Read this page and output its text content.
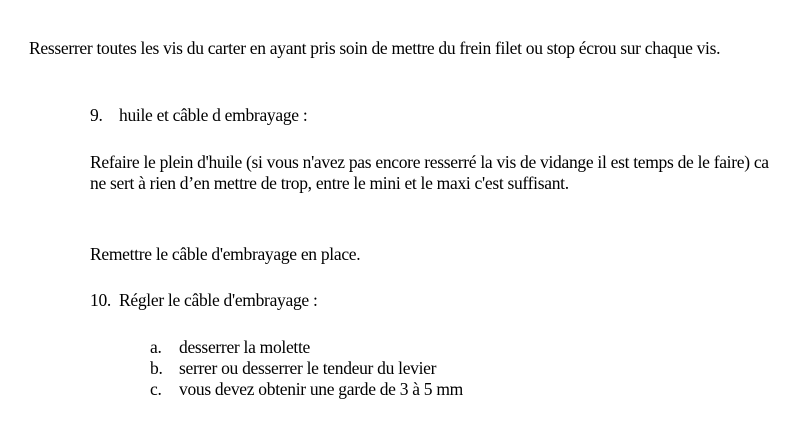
Resserrer toutes les vis du carter en ayant pris soin de mettre du frein filet ou stop écrou sur chaque vis.

9. huile et câble d embrayage :

Refaire le plein d'huile (si vous n'avez pas encore resserré la vis de vidange il est temps de le faire) ca ne sert à rien d’en mettre de trop, entre le mini et le maxi c'est suffisant.

Remettre le câble d'embrayage en place.

10. Régler le câble d'embrayage :

a. desserrer la molette
b. serrer ou desserrer le tendeur du levier
c. vous devez obtenir une garde de 3 à 5 mm
